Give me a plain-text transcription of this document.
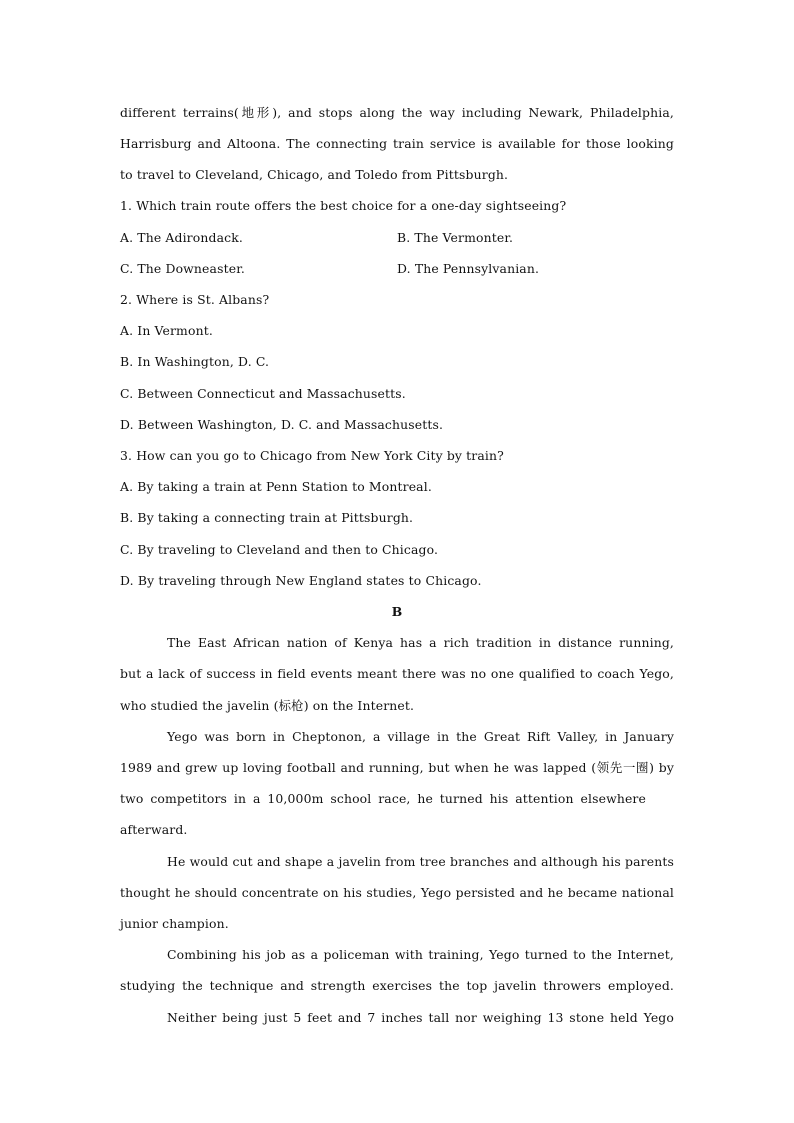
different terrains(地形), and stops along the way including Newark, Philadelphia,
Harrisburg and Altoona. The connecting train service is available for those looking
to travel to Cleveland, Chicago, and Toledo from Pittsburgh.
1. Which train route offers the best choice for a one-day sightseeing?
A. The Adirondack.	B. The Vermonter.
C. The Downeaster.	D. The Pennsylvanian.
2. Where is St. Albans?
A. In Vermont.
B. In Washington, D. C.
C. Between Connecticut and Massachusetts.
D. Between Washington, D. C. and Massachusetts.
3. How can you go to Chicago from New York City by train?
A. By taking a train at Penn Station to Montreal.
B. By taking a connecting train at Pittsburgh.
C. By traveling to Cleveland and then to Chicago.
D. By traveling through New England states to Chicago.
B
The East African nation of Kenya has a rich tradition in distance running,
but a lack of success in field events meant there was no one qualified to coach Yego,
who studied the javelin (标枪) on the Internet.
Yego was born in Cheptonon, a village in the Great Rift Valley, in January
1989 and grew up loving football and running, but when he was lapped (领先一圈) by
two competitors in a 10,000m school race, he turned his attention elsewhere
afterward.
He would cut and shape a javelin from tree branches and although his parents
thought he should concentrate on his studies, Yego persisted and he became national
junior champion.
Combining his job as a policeman with training, Yego turned to the Internet,
studying the technique and strength exercises the top javelin throwers employed.
Neither being just 5 feet and 7 inches tall nor weighing 13 stone held Yego
